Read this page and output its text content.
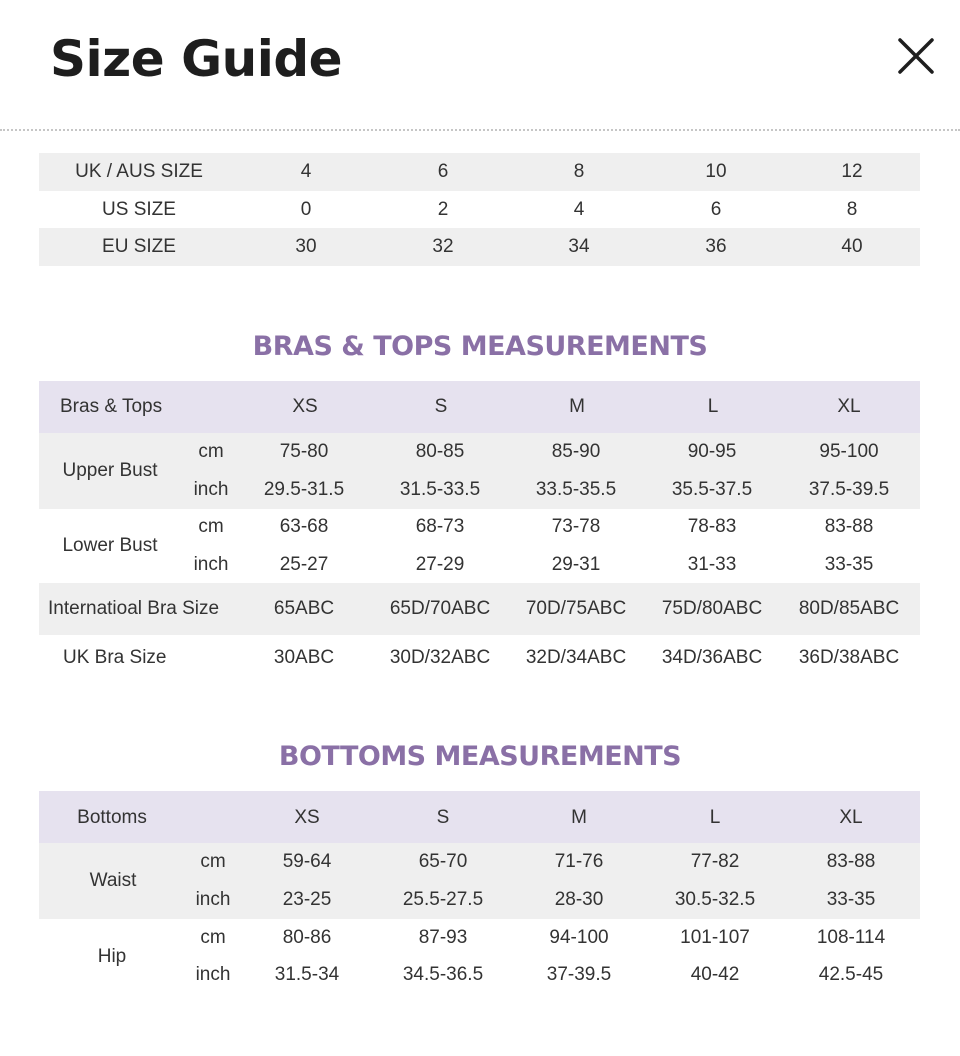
Size Guide
UK / AUS SIZE	4	6	8	10	12
US SIZE	0	2	4	6	8
EU SIZE	30	32	34	36	40
BRAS & TOPS MEASUREMENTS
Bras & Tops	XS	S	M	L	XL
Upper Bust
cm	75-80	80-85	85-90	90-95	95-100
inch 29.5-31.5	31.5-33.5	33.5-35.5	35.5-37.5	37.5-39.5
Lower Bust
cm	63-68	68-73	73-78	78-83	83-88
inch	25-27	27-29	29-31	31-33	33-35
Internatioal Bra Size	65ABC	65D/70ABC 70D/75ABC 75D/80ABC 80D/85ABC
UK Bra Size	30ABC	30D/32ABC 32D/34ABC 34D/36ABC 36D/38ABC
BOTTOMS MEASUREMENTS
Bottoms	XS	S	M	L	XL
Waist
cm	59-64	65-70	71-76	77-82	83-88
inch	23-25	25.5-27.5	28-30	30.5-32.5	33-35
Hip
cm	80-86	87-93	94-100	101-107	108-114
inch 31.5-34	34.5-36.5	37-39.5	40-42	42.5-45
